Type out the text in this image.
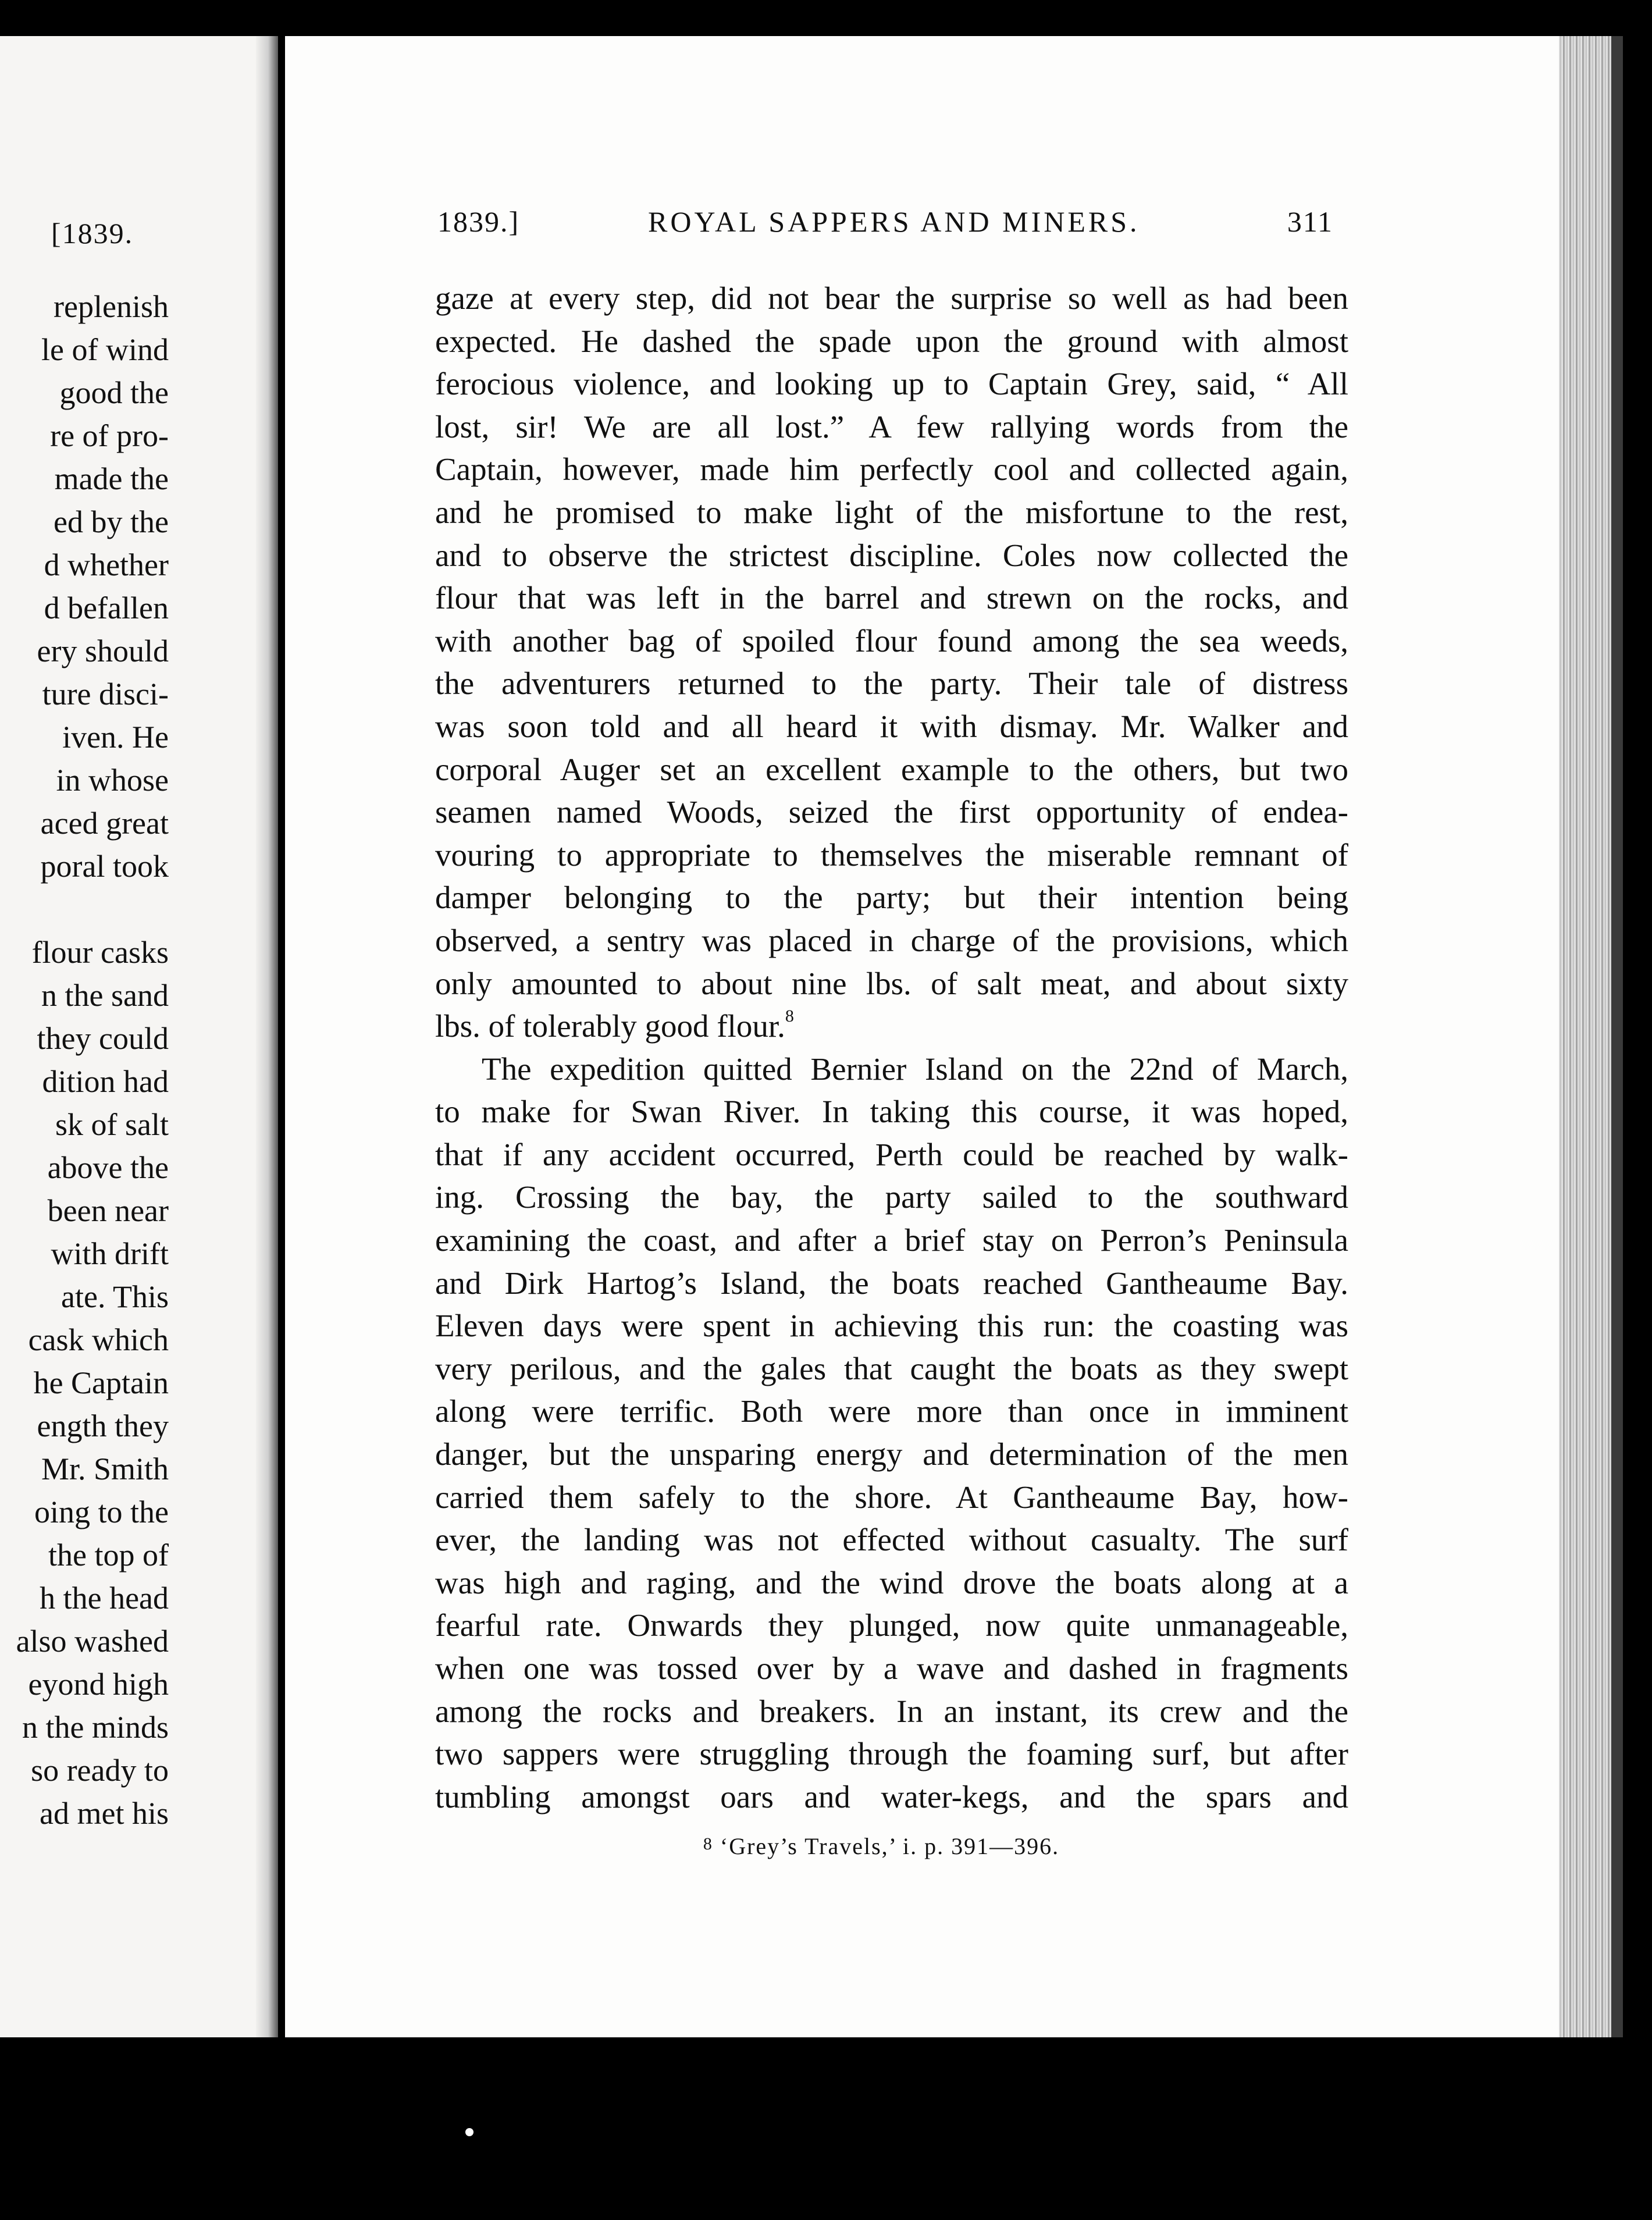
[1839.
replenish
le of wind
good the
re of pro-
made the
ed by the
d whether
d befallen
ery should
ture disci-
iven. He
in whose
aced great
poral took
flour casks
n the sand
they could
dition had
sk of salt
above the
been near
with drift
ate. This
cask which
he Captain
ength they
Mr. Smith
oing to the
the top of
h the head
also washed
eyond high
n the minds
so ready to
ad met his
1839.]	ROYAL SAPPERS AND MINERS.	311
gaze at every step, did not bear the surprise so well as had been
expected. He dashed the spade upon the ground with almost
ferocious violence, and looking up to Captain Grey, said, “ All
lost, sir! We are all lost.” A few rallying words from the
Captain, however, made him perfectly cool and collected again,
and he promised to make light of the misfortune to the rest,
and to observe the strictest discipline. Coles now collected the
flour that was left in the barrel and strewn on the rocks, and
with another bag of spoiled flour found among the sea weeds,
the adventurers returned to the party. Their tale of distress
was soon told and all heard it with dismay. Mr. Walker and
corporal Auger set an excellent example to the others, but two
seamen named Woods, seized the first opportunity of endea-
vouring to appropriate to themselves the miserable remnant of
damper belonging to the party; but their intention being
observed, a sentry was placed in charge of the provisions, which
only amounted to about nine lbs. of salt meat, and about sixty
lbs. of tolerably good flour.$^8$
The expedition quitted Bernier Island on the 22nd of March,
to make for Swan River. In taking this course, it was hoped,
that if any accident occurred, Perth could be reached by walk-
ing. Crossing the bay, the party sailed to the southward
examining the coast, and after a brief stay on Perron’s Peninsula
and Dirk Hartog’s Island, the boats reached Gantheaume Bay.
Eleven days were spent in achieving this run: the coasting was
very perilous, and the gales that caught the boats as they swept
along were terrific. Both were more than once in imminent
danger, but the unsparing energy and determination of the men
carried them safely to the shore. At Gantheaume Bay, how-
ever, the landing was not effected without casualty. The surf
was high and raging, and the wind drove the boats along at a
fearful rate. Onwards they plunged, now quite unmanageable,
when one was tossed over by a wave and dashed in fragments
among the rocks and breakers. In an instant, its crew and the
two sappers were struggling through the foaming surf, but after
tumbling amongst oars and water-kegs, and the spars and
$^8$ ‘Grey’s Travels,’ i. p. 391—396.
